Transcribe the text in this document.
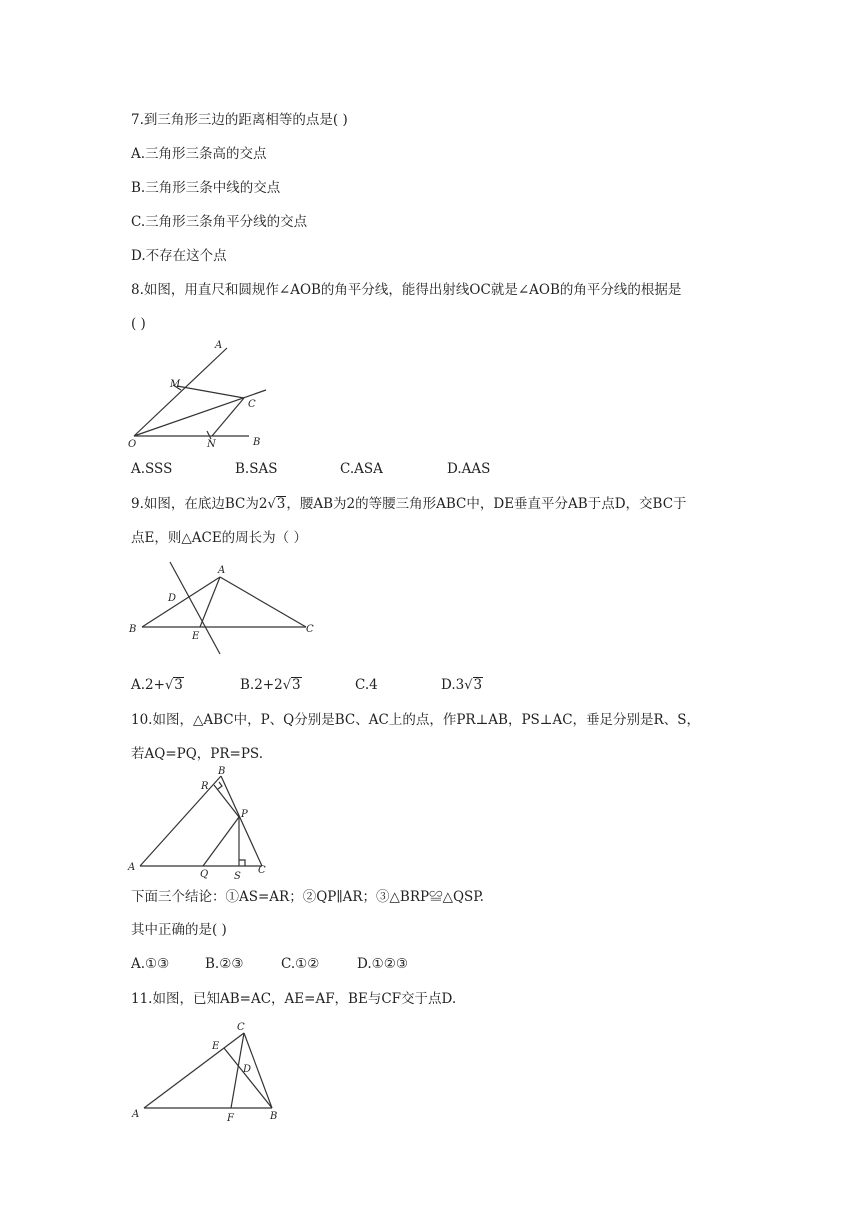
7.到三角形三边的距离相等的点是( )
A.三角形三条高的交点
B.三角形三条中线的交点
C.三角形三条角平分线的交点
D.不存在这个点
8.如图，用直尺和圆规作∠AOB的角平分线，能得出射线OC就是∠AOB的角平分线的根据是
( )
A
M
C
O	N	B
A.SSS	B.SAS	C.ASA	D.AAS
9.如图，在底边BC为2√3，腰AB为2的等腰三角形ABC中，DE垂直平分AB于点D，交BC于
点E，则△ACE的周长为（ ）
A
D
B
E
C
A.2+√3	B.2+2√3	C.4	D.3√3
10.如图，△ABC中，P、Q分别是BC、AC上的点，作PR⊥AB，PS⊥AC，垂足分别是R、S，
若AQ=PQ，PR=PS.
B
R
P
A
Q	S
C
下面三个结论：①AS=AR；②QP∥AR；③△BRP≌△QSP.
其中正确的是( )
A.①③	B.②③	C.①②	D.①②③
11.如图，已知AB=AC，AE=AF，BE与CF交于点D.
C
E
D
A	F	B
